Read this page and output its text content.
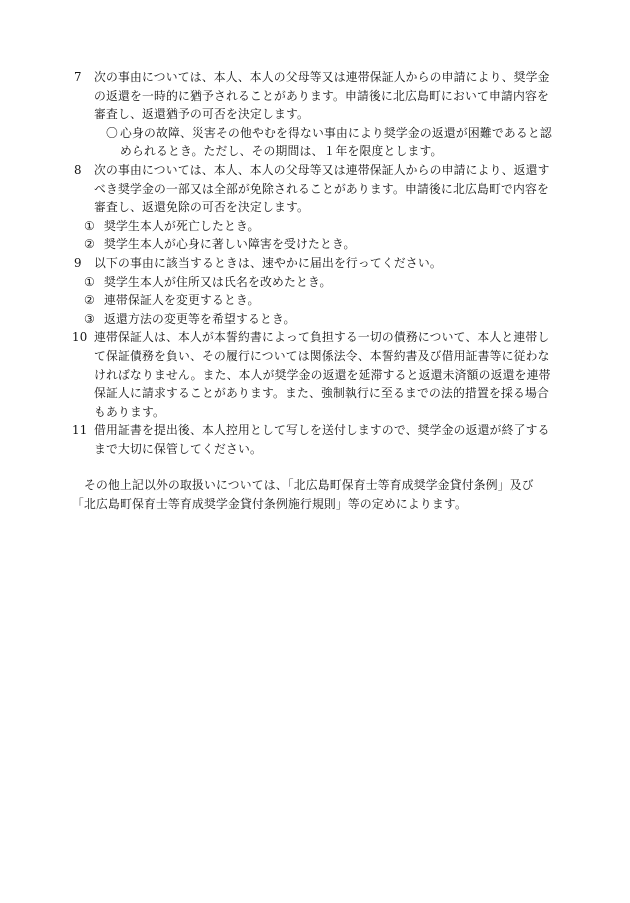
7	次の事由については、本人、本人の父母等又は連帯保証人からの申請により、奨学金の返還を一時的に猶予されることがあります。申請後に北広島町において申請内容を審査し、返還猶予の可否を決定します。

〇 心身の故障、災害その他やむを得ない事由により奨学金の返還が困難であると認められるとき。ただし、その期間は、１年を限度とします。

8	次の事由については、本人、本人の父母等又は連帯保証人からの申請により、返還すべき奨学金の一部又は全部が免除されることがあります。申請後に北広島町で内容を審査し、返還免除の可否を決定します。

① 奨学生本人が死亡したとき。

② 奨学生本人が心身に著しい障害を受けたとき。

9	以下の事由に該当するときは、速やかに届出を行ってください。

① 奨学生本人が住所又は氏名を改めたとき。

② 連帯保証人を変更するとき。

③ 返還方法の変更等を希望するとき。

10 連帯保証人は、本人が本誓約書によって負担する一切の債務について、本人と連帯して保証債務を負い、その履行については関係法令、本誓約書及び借用証書等に従わなければなりません。また、本人が奨学金の返還を延滞すると返還未済額の返還を連帯保証人に請求することがあります。また、強制執行に至るまでの法的措置を採る場合もあります。

11 借用証書を提出後、本人控用として写しを送付しますので、奨学金の返還が終了するまで大切に保管してください。

その他上記以外の取扱いについては、「北広島町保育士等育成奨学金貸付条例」及び「北広島町保育士等育成奨学金貸付条例施行規則」等の定めによります。
